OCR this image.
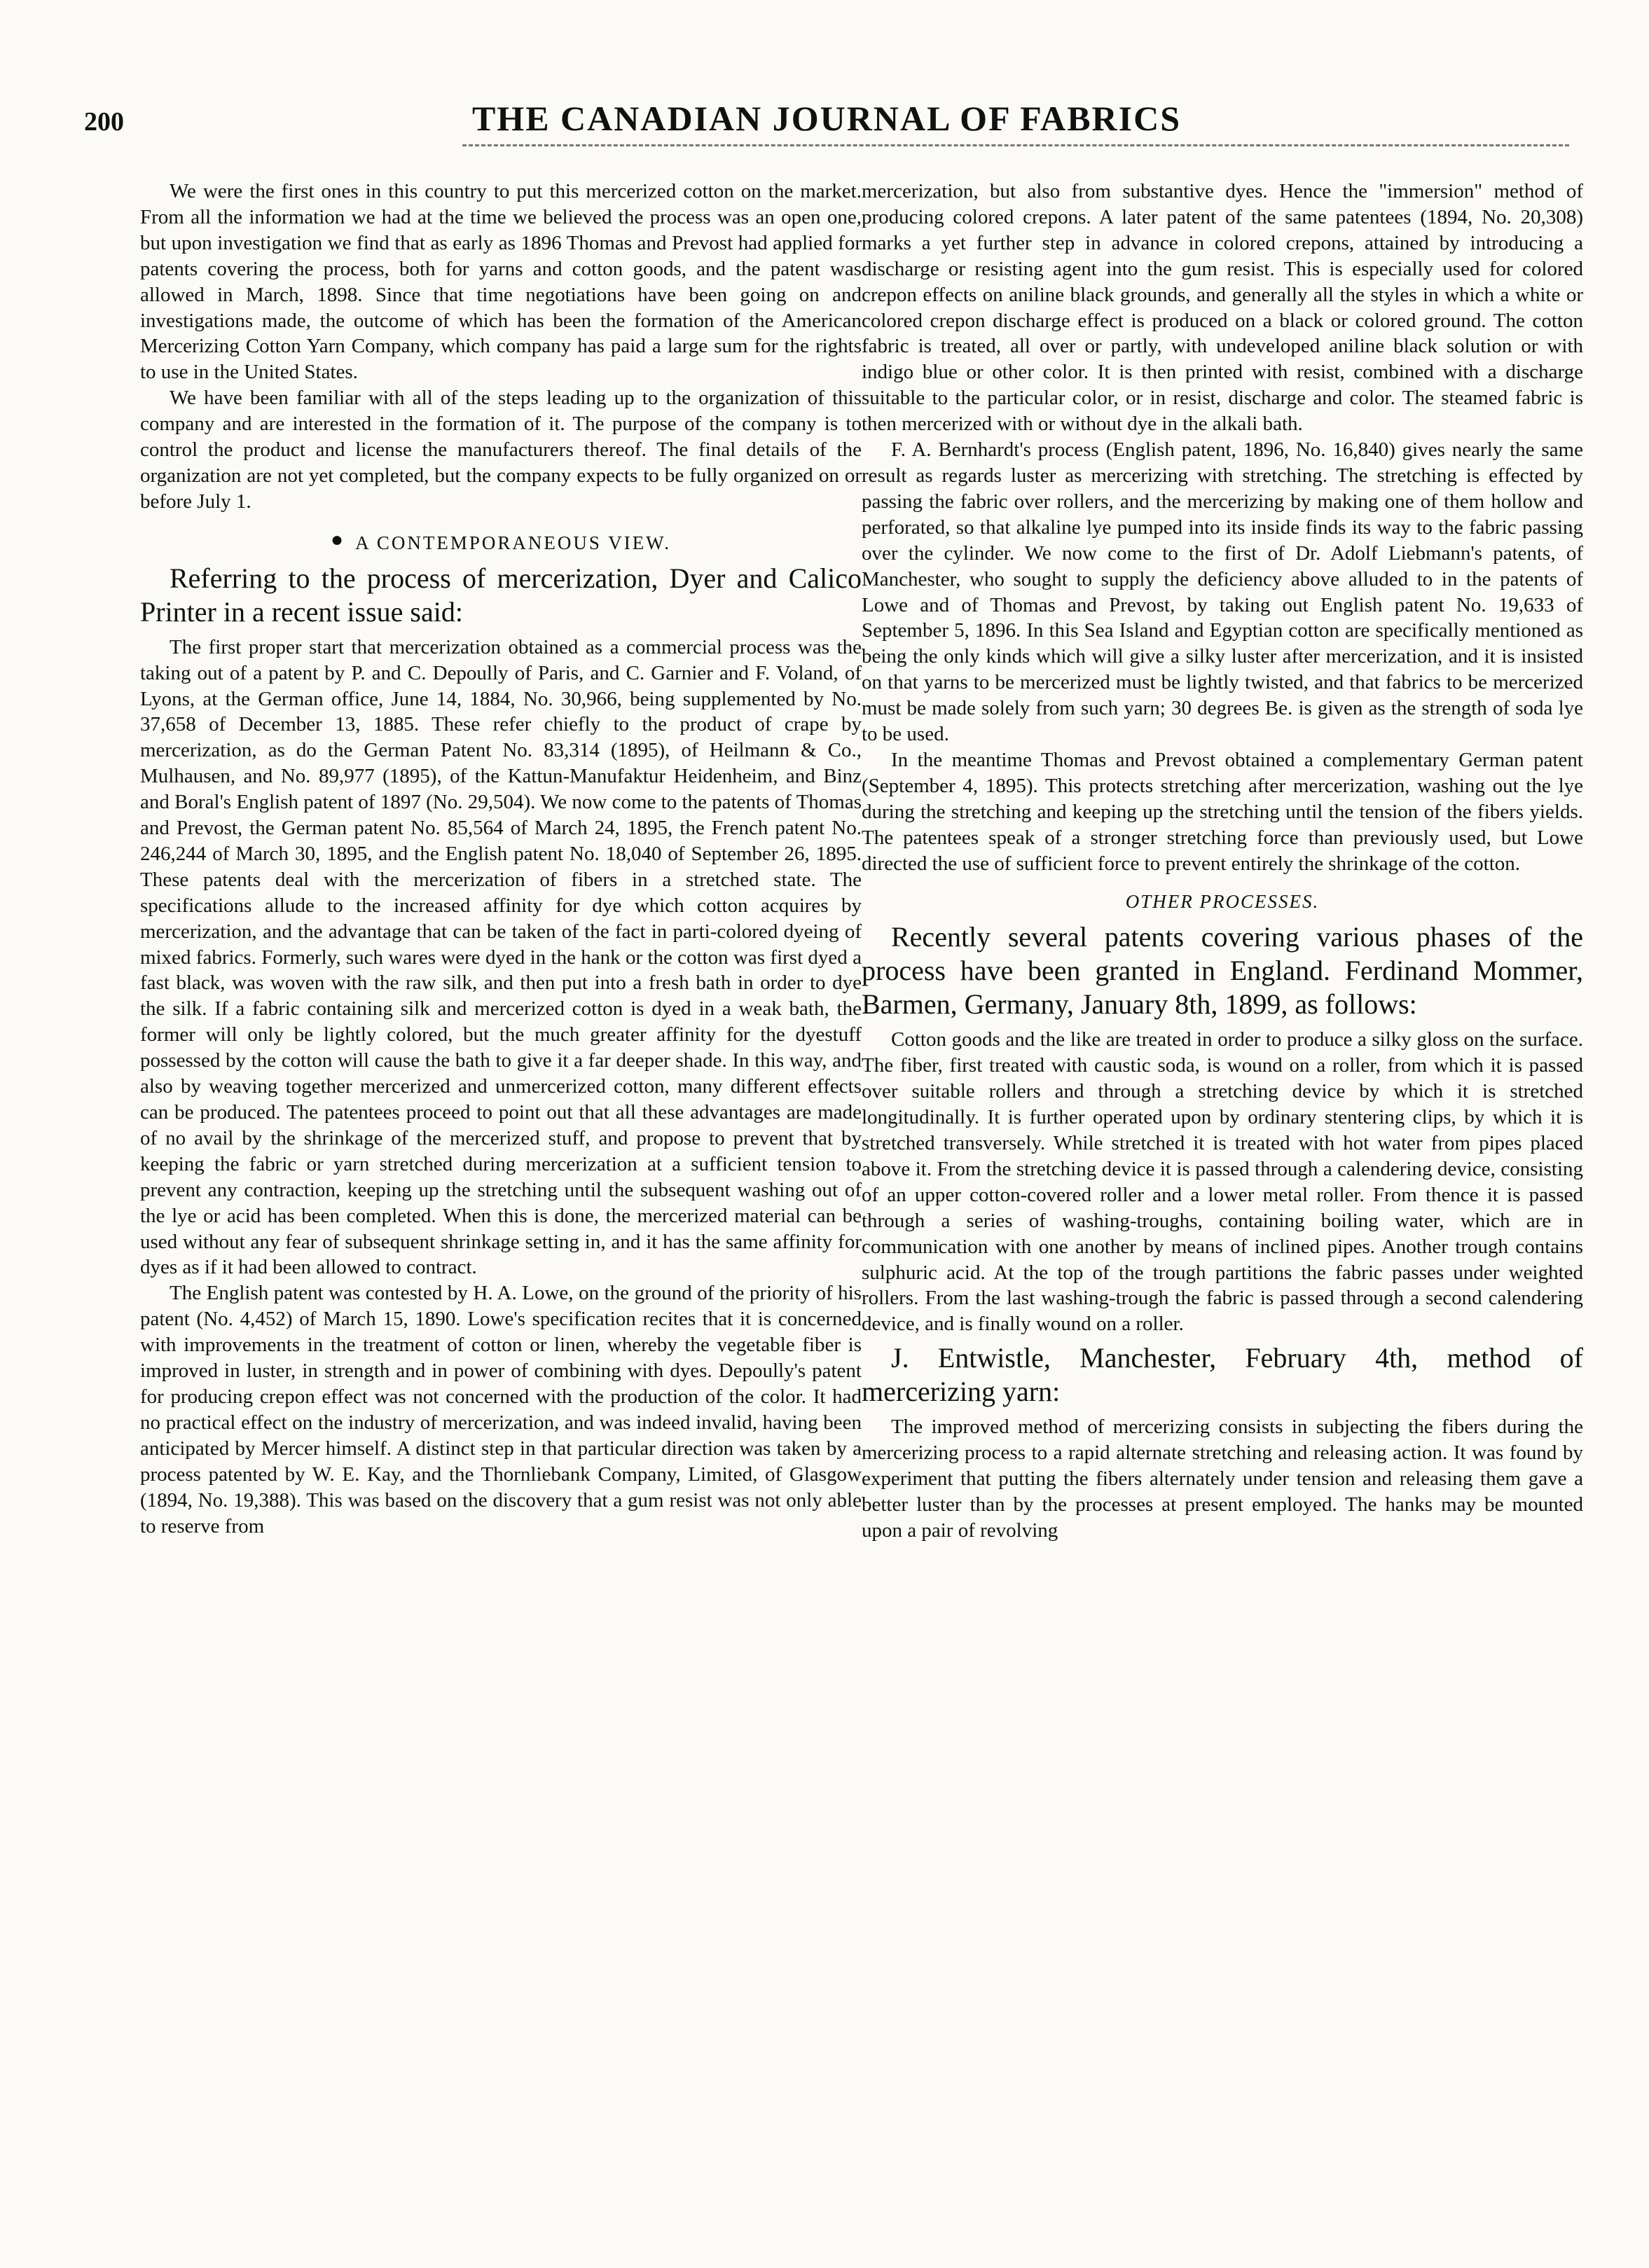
200	THE CANADIAN JOURNAL OF FABRICS

We were the first ones in this country to put this mercerized cotton on the market. From all the information we had at the time we believed the process was an open one, but upon investigation we find that as early as 1896 Thomas and Prevost had applied for patents covering the process, both for yarns and cotton goods, and the patent was allowed in March, 1898. Since that time negotiations have been going on and investigations made, the outcome of which has been the formation of the American Mercerizing Cotton Yarn Company, which company has paid a large sum for the rights to use in the United States.

We have been familiar with all of the steps leading up to the organization of this company and are interested in the formation of it. The purpose of the company is to control the product and license the manufacturers thereof. The final details of the organization are not yet completed, but the company expects to be fully organized on or before July 1.

● A CONTEMPORANEOUS VIEW.

Referring to the process of mercerization, Dyer and Calico Printer in a recent issue said:

The first proper start that mercerization obtained as a commercial process was the taking out of a patent by P. and C. Depoully of Paris, and C. Garnier and F. Voland, of Lyons, at the German office, June 14, 1884, No. 30,966, being supplemented by No. 37,658 of December 13, 1885. These refer chiefly to the product of crape by mercerization, as do the German Patent No. 83,314 (1895), of Heilmann & Co., Mulhausen, and No. 89,977 (1895), of the Kattun-Manufaktur Heidenheim, and Binz and Boral's English patent of 1897 (No. 29,504). We now come to the patents of Thomas and Prevost, the German patent No. 85,564 of March 24, 1895, the French patent No. 246,244 of March 30, 1895, and the English patent No. 18,040 of September 26, 1895. These patents deal with the mercerization of fibers in a stretched state. The specifications allude to the increased affinity for dye which cotton acquires by mercerization, and the advantage that can be taken of the fact in parti-colored dyeing of mixed fabrics. Formerly, such wares were dyed in the hank or the cotton was first dyed a fast black, was woven with the raw silk, and then put into a fresh bath in order to dye the silk. If a fabric containing silk and mercerized cotton is dyed in a weak bath, the former will only be lightly colored, but the much greater affinity for the dyestuff possessed by the cotton will cause the bath to give it a far deeper shade. In this way, and also by weaving together mercerized and unmercerized cotton, many different effects can be produced. The patentees proceed to point out that all these advantages are made of no avail by the shrinkage of the mercerized stuff, and propose to prevent that by keeping the fabric or yarn stretched during mercerization at a sufficient tension to prevent any contraction, keeping up the stretching until the subsequent washing out of the lye or acid has been completed. When this is done, the mercerized material can be used without any fear of subsequent shrinkage setting in, and it has the same affinity for dyes as if it had been allowed to contract.

The English patent was contested by H. A. Lowe, on the ground of the priority of his patent (No. 4,452) of March 15, 1890. Lowe's specification recites that it is concerned with improvements in the treatment of cotton or linen, whereby the vegetable fiber is improved in luster, in strength and in power of combining with dyes. Depoully's patent for producing crepon effect was not concerned with the production of the color. It had no practical effect on the industry of mercerization, and was indeed invalid, having been anticipated by Mercer himself. A distinct step in that particular direction was taken by a process patented by W. E. Kay, and the Thornliebank Company, Limited, of Glasgow (1894, No. 19,388). This was based on the discovery that a gum resist was not only able to reserve from

mercerization, but also from substantive dyes. Hence the "immersion" method of producing colored crepons. A later patent of the same patentees (1894, No. 20,308) marks a yet further step in advance in colored crepons, attained by introducing a discharge or resisting agent into the gum resist. This is especially used for colored crepon effects on aniline black grounds, and generally all the styles in which a white or colored crepon discharge effect is produced on a black or colored ground. The cotton fabric is treated, all over or partly, with undeveloped aniline black solution or with indigo blue or other color. It is then printed with resist, combined with a discharge suitable to the particular color, or in resist, discharge and color. The steamed fabric is then mercerized with or without dye in the alkali bath.

F. A. Bernhardt's process (English patent, 1896, No. 16,840) gives nearly the same result as regards luster as mercerizing with stretching. The stretching is effected by passing the fabric over rollers, and the mercerizing by making one of them hollow and perforated, so that alkaline lye pumped into its inside finds its way to the fabric passing over the cylinder. We now come to the first of Dr. Adolf Liebmann's patents, of Manchester, who sought to supply the deficiency above alluded to in the patents of Lowe and of Thomas and Prevost, by taking out English patent No. 19,633 of September 5, 1896. In this Sea Island and Egyptian cotton are specifically mentioned as being the only kinds which will give a silky luster after mercerization, and it is insisted on that yarns to be mercerized must be lightly twisted, and that fabrics to be mercerized must be made solely from such yarn; 30 degrees Be. is given as the strength of soda lye to be used.

In the meantime Thomas and Prevost obtained a complementary German patent (September 4, 1895). This protects stretching after mercerization, washing out the lye during the stretching and keeping up the stretching until the tension of the fibers yields. The patentees speak of a stronger stretching force than previously used, but Lowe directed the use of sufficient force to prevent entirely the shrinkage of the cotton.

OTHER PROCESSES.

Recently several patents covering various phases of the process have been granted in England. Ferdinand Mommer, Barmen, Germany, January 8th, 1899, as follows:

Cotton goods and the like are treated in order to produce a silky gloss on the surface. The fiber, first treated with caustic soda, is wound on a roller, from which it is passed over suitable rollers and through a stretching device by which it is stretched longitudinally. It is further operated upon by ordinary stentering clips, by which it is stretched transversely. While stretched it is treated with hot water from pipes placed above it. From the stretching device it is passed through a calendering device, consisting of an upper cotton-covered roller and a lower metal roller. From thence it is passed through a series of washing-troughs, containing boiling water, which are in communication with one another by means of inclined pipes. Another trough contains sulphuric acid. At the top of the trough partitions the fabric passes under weighted rollers. From the last washing-trough the fabric is passed through a second calendering device, and is finally wound on a roller.

J. Entwistle, Manchester, February 4th, method of mercerizing yarn:

The improved method of mercerizing consists in subjecting the fibers during the mercerizing process to a rapid alternate stretching and releasing action. It was found by experiment that putting the fibers alternately under tension and releasing them gave a better luster than by the processes at present employed. The hanks may be mounted upon a pair of revolving
